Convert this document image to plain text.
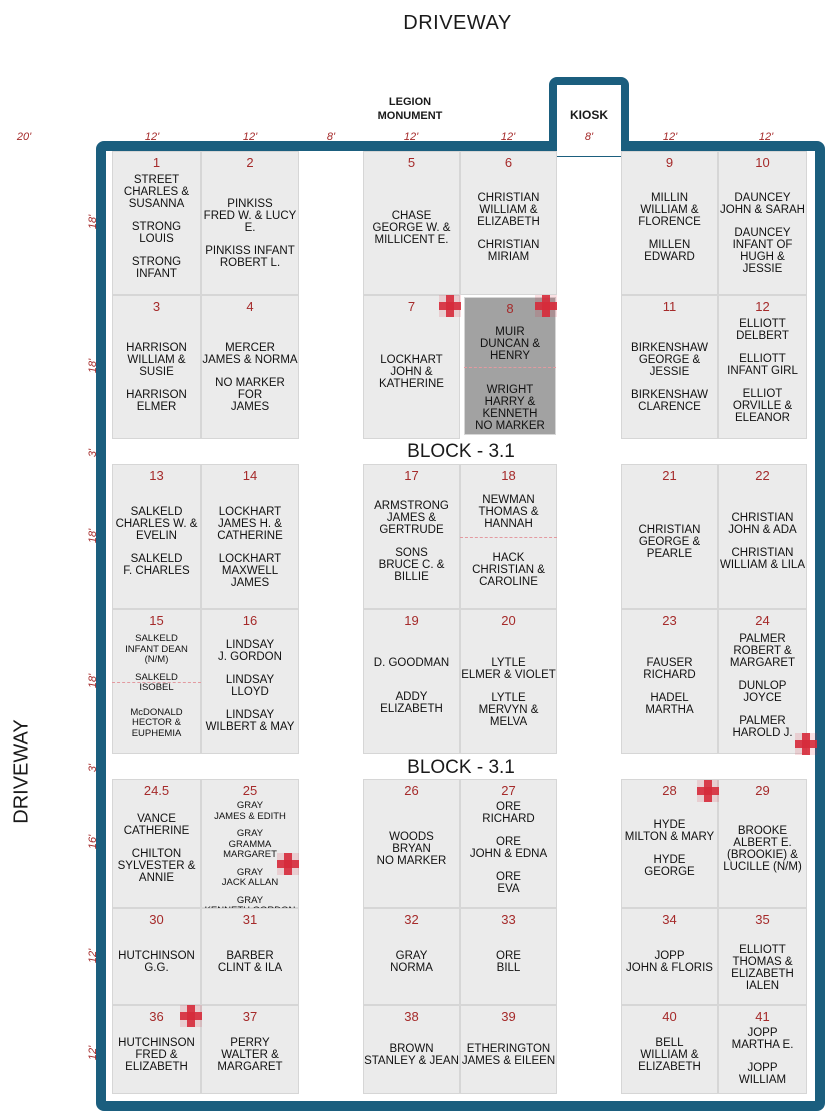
DRIVEWAY
DRIVEWAY
LEGION MONUMENT	KIOSK
20'	12'	12'	8'	12'	12'	8'	12'	12'
18'
18'
3'
18'
18'
3'
16'
12'
12'
1
STREET
CHARLES &
SUSANNA
STRONG
LOUIS
STRONG
INFANT
2
PINKISS
FRED W. & LUCY E.
PINKISS INFANT
ROBERT L.
5
CHASE
GEORGE W. &
MILLICENT E.
6
CHRISTIAN
WILLIAM &
ELIZABETH
CHRISTIAN
MIRIAM
9
MILLIN
WILLIAM &
FLORENCE
MILLEN
EDWARD
10
DAUNCEY
JOHN & SARAH
DAUNCEY
INFANT OF
HUGH & JESSIE
3
HARRISON
WILLIAM & SUSIE
HARRISON
ELMER
4
MERCER
JAMES & NORMA
NO MARKER FOR
JAMES
7
LOCKHART
JOHN &
KATHERINE
8
MUIR
DUNCAN & HENRY
WRIGHT
HARRY &
KENNETH
NO MARKER
11
BIRKENSHAW
GEORGE & JESSIE
BIRKENSHAW
CLARENCE
12
ELLIOTT
DELBERT
ELLIOTT
INFANT GIRL
ELLIOT
ORVILLE &
ELEANOR
13
SALKELD
CHARLES W. &
EVELIN
SALKELD
F. CHARLES
14
LOCKHART
JAMES H. &
CATHERINE
LOCKHART
MAXWELL JAMES
17
ARMSTRONG
JAMES &
GERTRUDE
SONS
BRUCE C. &
BILLIE
18
NEWMAN
THOMAS &
HANNAH
HACK
CHRISTIAN &
CAROLINE
21
CHRISTIAN
GEORGE &
PEARLE
22
CHRISTIAN
JOHN & ADA
CHRISTIAN
WILLIAM & LILA
15
SALKELD
INFANT DEAN (N/M)
SALKELD
ISOBEL
McDONALD
HECTOR &
EUPHEMIA
16
LINDSAY
J. GORDON
LINDSAY
LLOYD
LINDSAY
WILBERT & MAY
19
D. GOODMAN
ADDY
ELIZABETH
20
LYTLE
ELMER & VIOLET
LYTLE
MERVYN & MELVA
23
FAUSER
RICHARD
HADEL
MARTHA
24
PALMER
ROBERT &
MARGARET
DUNLOP
JOYCE
PALMER
HAROLD J.
24.5
VANCE
CATHERINE
CHILTON
SYLVESTER &
ANNIE
25
GRAY
JAMES & EDITH
GRAY
GRAMMA MARGARET
GRAY
JACK ALLAN
GRAY
26
WOODS
BRYAN
NO MARKER
27
ORE
RICHARD
ORE
JOHN & EDNA
ORE
EVA
28
HYDE
MILTON & MARY
HYDE
GEORGE
29
BROOKE
ALBERT E.
(BROOKIE) &
LUCILLE (N/M)
30
HUTCHINSON
G.G.
31
BARBER
CLINT & ILA
32
GRAY
NORMA
33
ORE
BILL
34
JOPP
JOHN & FLORIS
35
ELLIOTT
THOMAS &
ELIZABETH IALEN
36
HUTCHINSON
FRED &
ELIZABETH
37
PERRY
WALTER &
MARGARET
38
BROWN
STANLEY & JEAN
39
ETHERINGTON
JAMES & EILEEN
40
BELL
WILLIAM &
ELIZABETH
41
JOPP
MARTHA E.
JOPP
WILLIAM
BLOCK - 3.1
BLOCK - 3.1
